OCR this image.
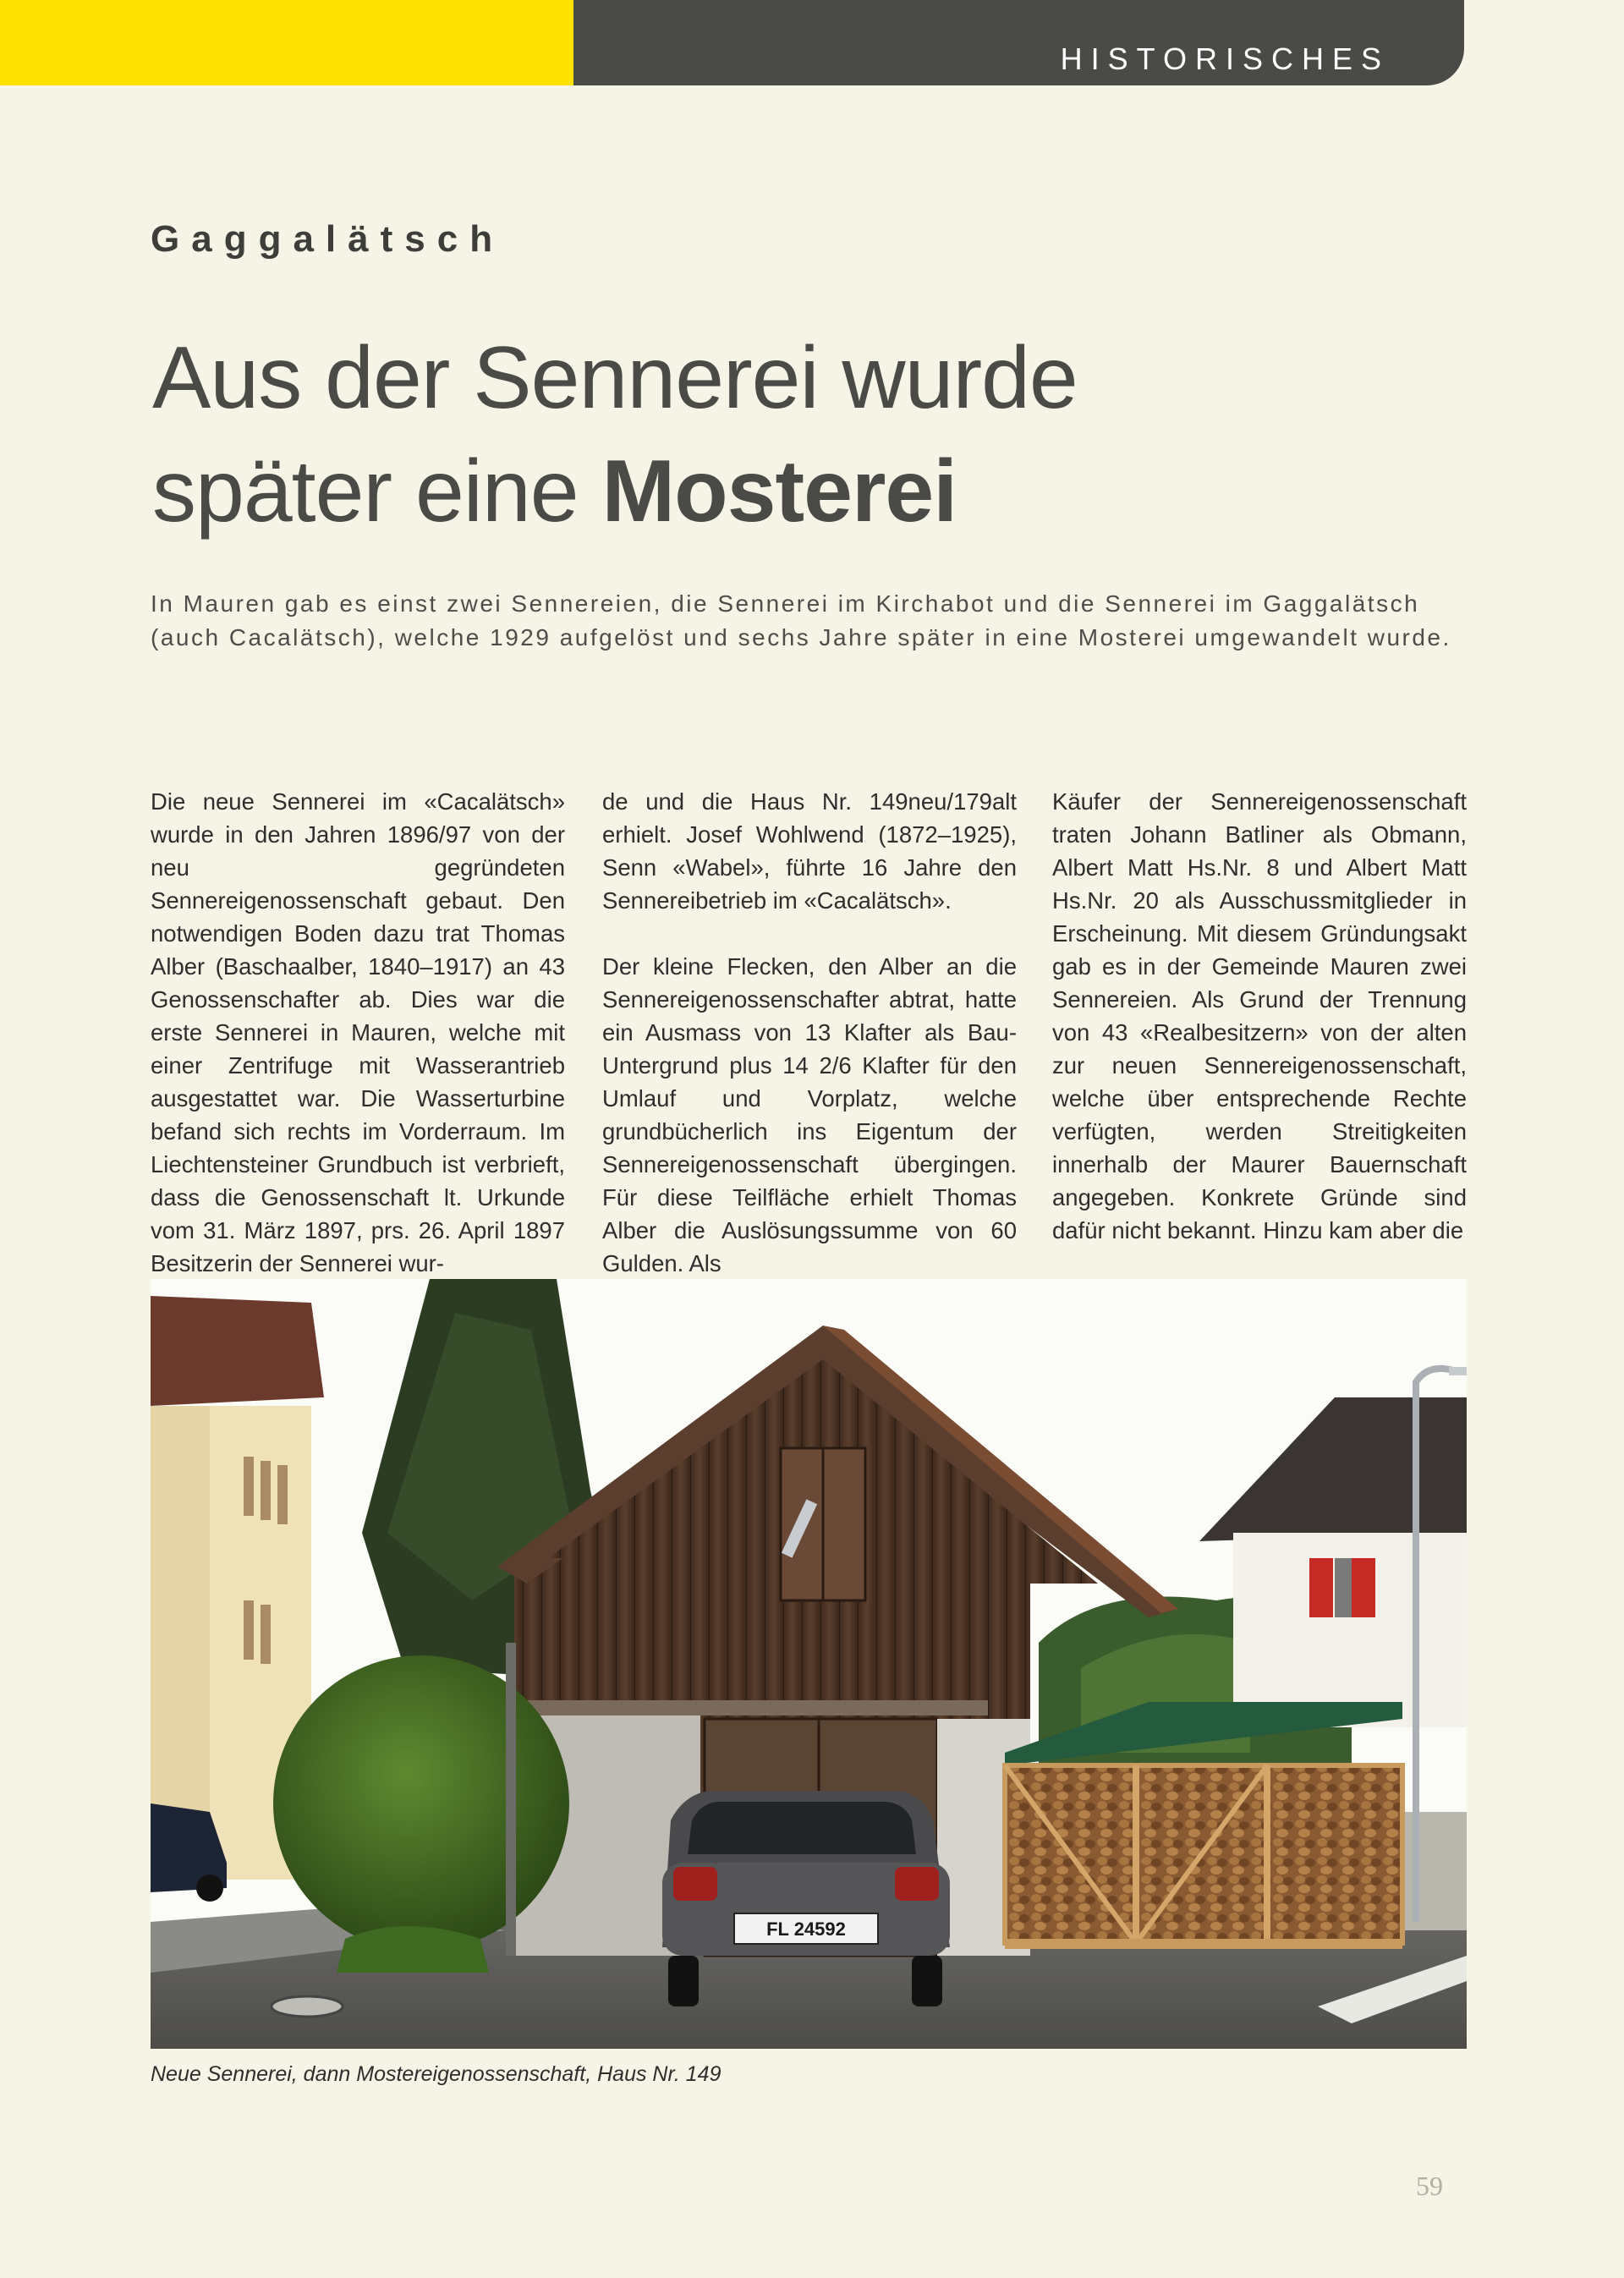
HISTORISCHES
Gaggalätsch
Aus der Sennerei wurde
später eine Mosterei
In Mauren gab es einst zwei Sennereien, die Sennerei im Kirchabot und die Sennerei im Gaggalätsch (auch Cacalätsch), welche 1929 aufgelöst und sechs Jahre später in eine Mosterei umgewandelt wurde.

Die neue Sennerei im «Cacalätsch» wurde in den Jahren 1896/97 von der neu gegründeten Sennereigenossenschaft gebaut. Den notwendigen Boden dazu trat Thomas Alber (Baschaalber, 1840–1917) an 43 Genossenschafter ab. Dies war die erste Sennerei in Mauren, welche mit einer Zentrifuge mit Wasserantrieb ausgestattet war. Die Wasserturbine befand sich rechts im Vorderraum. Im Liechtensteiner Grundbuch ist verbrieft, dass die Genossenschaft lt. Urkunde vom 31. März 1897, prs. 26. April 1897 Besitzerin der Sennerei wur-

de und die Haus Nr. 149neu/179alt erhielt. Josef Wohlwend (1872–1925), Senn «Wabel», führte 16 Jahre den Sennereibetrieb im «Cacalätsch».

Der kleine Flecken, den Alber an die Sennereigenossenschafter abtrat, hatte ein Ausmass von 13 Klafter als Bau-Untergrund plus 14 2/6 Klafter für den Umlauf und Vorplatz, welche grundbücherlich ins Eigentum der Sennereigenossenschaft übergingen. Für diese Teilfläche erhielt Thomas Alber die Auslösungssumme von 60 Gulden. Als

Käufer der Sennereigenossenschaft traten Johann Batliner als Obmann, Albert Matt Hs.Nr. 8 und Albert Matt Hs.Nr. 20 als Ausschussmitglieder in Erscheinung. Mit diesem Gründungsakt gab es in der Gemeinde Mauren zwei Sennereien. Als Grund der Trennung von 43 «Realbesitzern» von der alten zur neuen Sennereigenossenschaft, welche über entsprechende Rechte verfügten, werden Streitigkeiten innerhalb der Maurer Bauernschaft angegeben. Konkrete Gründe sind dafür nicht bekannt. Hinzu kam aber die

FL 24592
Neue Sennerei, dann Mostereigenossenschaft, Haus Nr. 149
59
